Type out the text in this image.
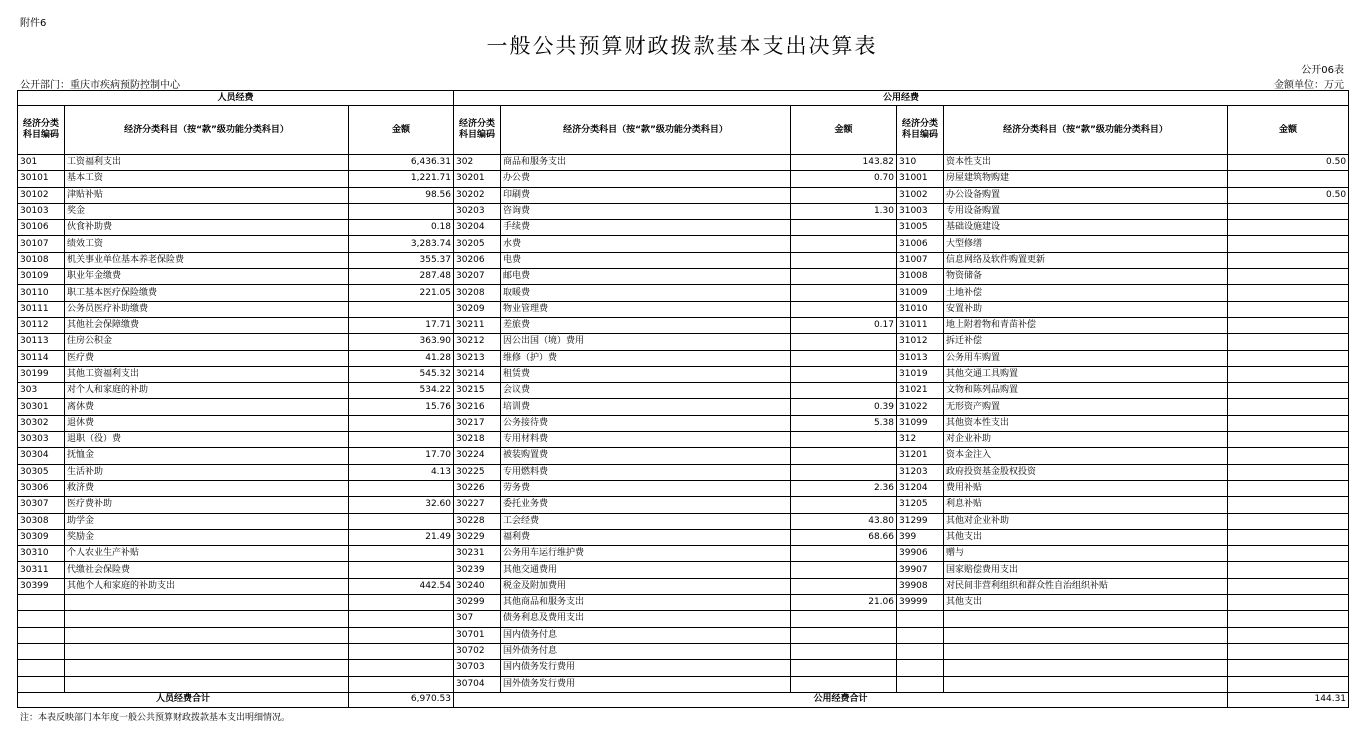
附件6
一般公共预算财政拨款基本支出决算表
公开06表
公开部门：重庆市疾病预防控制中心	金额单位：万元
人员经费			公用经费					
经济分类科目编码	经济分类科目（按“款”级功能分类科目）	金额	经济分类科目编码	经济分类科目（按“款”级功能分类科目）	金额	经济分类科目编码	经济分类科目（按“款”级功能分类科目）	金额
301	工资福利支出	6,436.31	302	商品和服务支出	143.82	310	资本性支出	0.50
30101	基本工资	1,221.71	30201	办公费	0.70	31001	房屋建筑物购建	
30102	津贴补贴	98.56	30202	印刷费		31002	办公设备购置	0.50
30103	奖金		30203	咨询费	1.30	31003	专用设备购置	
30106	伙食补助费	0.18	30204	手续费		31005	基础设施建设	
30107	绩效工资	3,283.74	30205	水费		31006	大型修缮	
30108	机关事业单位基本养老保险费	355.37	30206	电费		31007	信息网络及软件购置更新	
30109	职业年金缴费	287.48	30207	邮电费		31008	物资储备	
30110	职工基本医疗保险缴费	221.05	30208	取暖费		31009	土地补偿	
30111	公务员医疗补助缴费		30209	物业管理费		31010	安置补助	
30112	其他社会保障缴费	17.71	30211	差旅费	0.17	31011	地上附着物和青苗补偿	
30113	住房公积金	363.90	30212	因公出国（境）费用		31012	拆迁补偿	
30114	医疗费	41.28	30213	维修（护）费		31013	公务用车购置	
30199	其他工资福利支出	545.32	30214	租赁费		31019	其他交通工具购置	
303	对个人和家庭的补助	534.22	30215	会议费		31021	文物和陈列品购置	
30301	离休费	15.76	30216	培训费	0.39	31022	无形资产购置	
30302	退休费		30217	公务接待费	5.38	31099	其他资本性支出	
30303	退职（役）费		30218	专用材料费		312	对企业补助	
30304	抚恤金	17.70	30224	被装购置费		31201	资本金注入	
30305	生活补助	4.13	30225	专用燃料费		31203	政府投资基金股权投资	
30306	救济费		30226	劳务费	2.36	31204	费用补贴	
30307	医疗费补助	32.60	30227	委托业务费		31205	利息补贴	
30308	助学金		30228	工会经费	43.80	31299	其他对企业补助	
30309	奖励金	21.49	30229	福利费	68.66	399	其他支出	
30310	个人农业生产补贴		30231	公务用车运行维护费		39906	赠与	
30311	代缴社会保险费		30239	其他交通费用		39907	国家赔偿费用支出	
30399	其他个人和家庭的补助支出	442.54	30240	税金及附加费用		39908	对民间非营利组织和群众性自治组织补贴	
			30299	其他商品和服务支出	21.06	39999	其他支出	
			307	债务利息及费用支出				
			30701	国内债务付息				
			30702	国外债务付息				
			30703	国内债务发行费用				
			30704	国外债务发行费用				
人员经费合计		6,970.53	公用经费合计					144.31
注：本表反映部门本年度一般公共预算财政拨款基本支出明细情况。
